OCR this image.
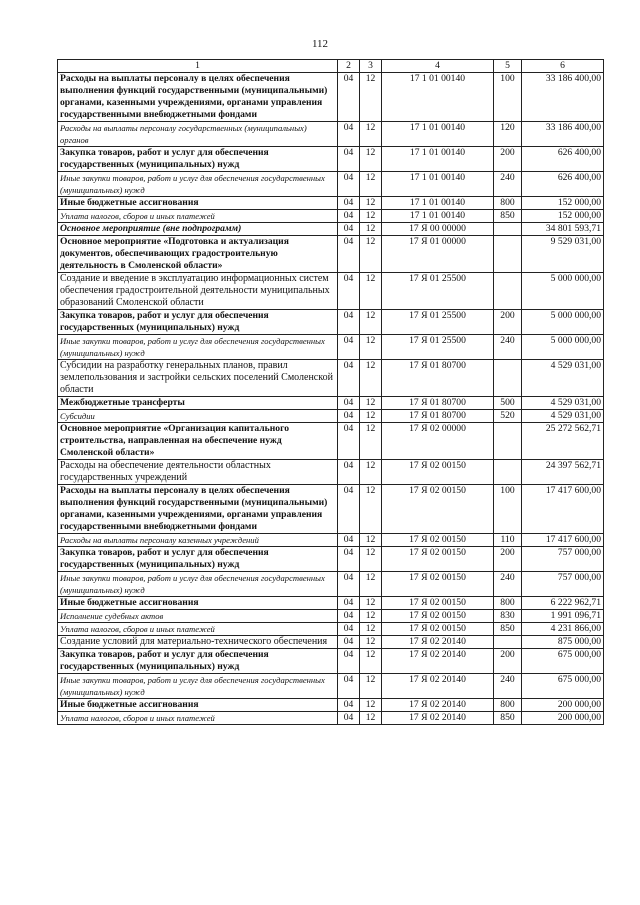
112
1	2	3	4	5	6
Расходы на выплаты персоналу в целях обеспечения выполнения функций государственными (муниципальными) органами, казенными учреждениями, органами управления государственными внебюджетными фондами	04	12	17 1 01 00140	100	33 186 400,00
Расходы на выплаты персоналу государственных (муниципальных) органов	04	12	17 1 01 00140	120	33 186 400,00
Закупка товаров, работ и услуг для обеспечения государственных (муниципальных) нужд	04	12	17 1 01 00140	200	626 400,00
Иные закупки товаров, работ и услуг для обеспечения государственных (муниципальных) нужд	04	12	17 1 01 00140	240	626 400,00
Иные бюджетные ассигнования	04	12	17 1 01 00140	800	152 000,00
Уплата налогов, сборов и иных платежей	04	12	17 1 01 00140	850	152 000,00
Основное мероприятие (вне подпрограмм)	04	12	17 Я 00 00000		34 801 593,71
Основное мероприятие «Подготовка и актуализация документов, обеспечивающих градостроительную деятельность в Смоленской области»	04	12	17 Я 01 00000		9 529 031,00
Создание и введение в эксплуатацию информационных систем обеспечения градостроительной деятельности муниципальных образований Смоленской области	04	12	17 Я 01 25500		5 000 000,00
Закупка товаров, работ и услуг для обеспечения государственных (муниципальных) нужд	04	12	17 Я 01 25500	200	5 000 000,00
Иные закупки товаров, работ и услуг для обеспечения государственных (муниципальных) нужд	04	12	17 Я 01 25500	240	5 000 000,00
Субсидии на разработку генеральных планов, правил землепользования и застройки сельских поселений Смоленской области	04	12	17 Я 01 80700		4 529 031,00
Межбюджетные трансферты	04	12	17 Я 01 80700	500	4 529 031,00
Субсидии	04	12	17 Я 01 80700	520	4 529 031,00
Основное мероприятие «Организация капитального строительства, направленная на обеспечение нужд Смоленской области»	04	12	17 Я 02 00000		25 272 562,71
Расходы на обеспечение деятельности областных государственных учреждений	04	12	17 Я 02 00150		24 397 562,71
Расходы на выплаты персоналу в целях обеспечения выполнения функций государственными (муниципальными) органами, казенными учреждениями, органами управления государственными внебюджетными фондами	04	12	17 Я 02 00150	100	17 417 600,00
Расходы на выплаты персоналу казенных учреждений	04	12	17 Я 02 00150	110	17 417 600,00
Закупка товаров, работ и услуг для обеспечения государственных (муниципальных) нужд	04	12	17 Я 02 00150	200	757 000,00
Иные закупки товаров, работ и услуг для обеспечения государственных (муниципальных) нужд	04	12	17 Я 02 00150	240	757 000,00
Иные бюджетные ассигнования	04	12	17 Я 02 00150	800	6 222 962,71
Исполнение судебных актов	04	12	17 Я 02 00150	830	1 991 096,71
Уплата налогов, сборов и иных платежей	04	12	17 Я 02 00150	850	4 231 866,00
Создание условий для материально-технического обеспечения	04	12	17 Я 02 20140		875 000,00
Закупка товаров, работ и услуг для обеспечения государственных (муниципальных) нужд	04	12	17 Я 02 20140	200	675 000,00
Иные закупки товаров, работ и услуг для обеспечения государственных (муниципальных) нужд	04	12	17 Я 02 20140	240	675 000,00
Иные бюджетные ассигнования	04	12	17 Я 02 20140	800	200 000,00
Уплата налогов, сборов и иных платежей	04	12	17 Я 02 20140	850	200 000,00
